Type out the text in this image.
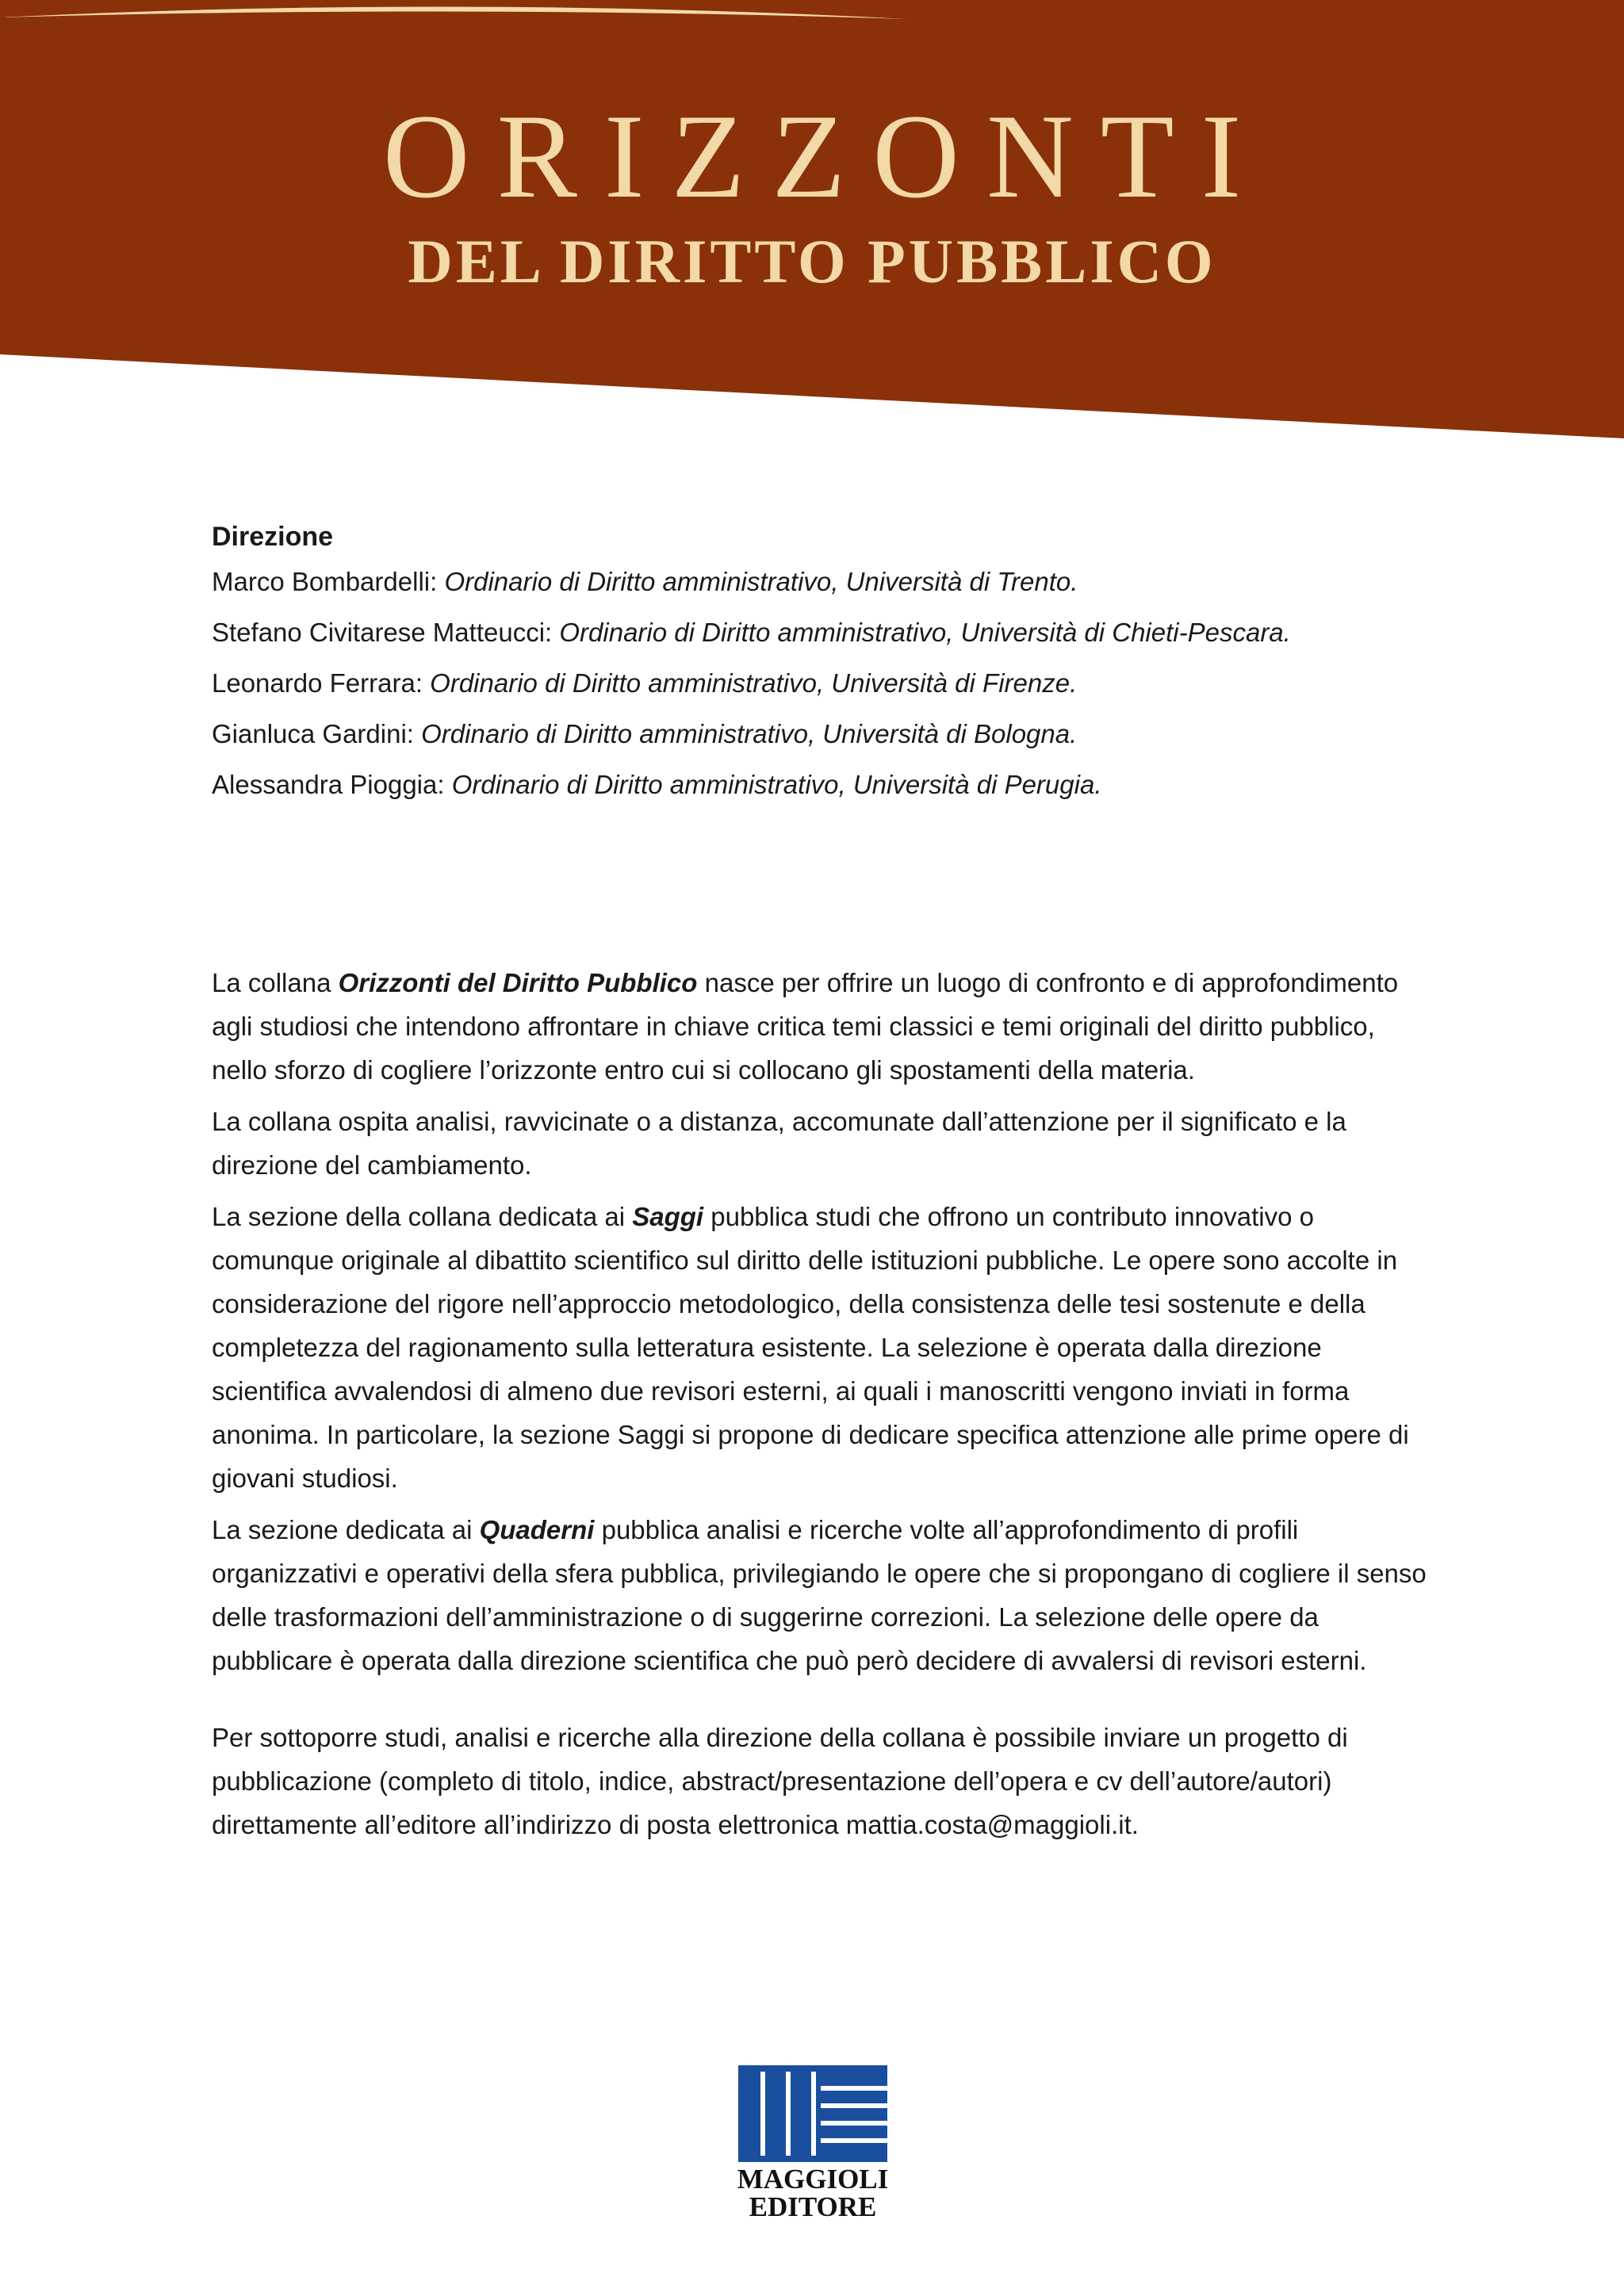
ORIZZONTI
DEL DIRITTO PUBBLICO
Direzione
Marco Bombardelli: Ordinario di Diritto amministrativo, Università di Trento.
Stefano Civitarese Matteucci: Ordinario di Diritto amministrativo, Università di Chieti-Pescara.
Leonardo Ferrara: Ordinario di Diritto amministrativo, Università di Firenze.
Gianluca Gardini: Ordinario di Diritto amministrativo, Università di Bologna.
Alessandra Pioggia: Ordinario di Diritto amministrativo, Università di Perugia.

La collana Orizzonti del Diritto Pubblico nasce per offrire un luogo di confronto e di approfondimento agli studiosi che intendono affrontare in chiave critica temi classici e temi originali del diritto pubblico, nello sforzo di cogliere l’orizzonte entro cui si collocano gli spostamenti della materia.

La collana ospita analisi, ravvicinate o a distanza, accomunate dall’attenzione per il significato e la direzione del cambiamento.

La sezione della collana dedicata ai Saggi pubblica studi che offrono un contributo innovativo o comunque originale al dibattito scientifico sul diritto delle istituzioni pubbliche. Le opere sono accolte in considerazione del rigore nell’approccio metodologico, della consistenza delle tesi sostenute e della completezza del ragionamento sulla letteratura esistente. La selezione è operata dalla direzione scientifica avvalendosi di almeno due revisori esterni, ai quali i manoscritti vengono inviati in forma anonima. In particolare, la sezione Saggi si propone di dedicare specifica attenzione alle prime opere di giovani studiosi.

La sezione dedicata ai Quaderni pubblica analisi e ricerche volte all’approfondimento di profili organizzativi e operativi della sfera pubblica, privilegiando le opere che si propongano di cogliere il senso delle trasformazioni dell’amministrazione o di suggerirne correzioni. La selezione delle opere da pubblicare è operata dalla direzione scientifica che può però decidere di avvalersi di revisori esterni.

Per sottoporre studi, analisi e ricerche alla direzione della collana è possibile inviare un progetto di pubblicazione (completo di titolo, indice, abstract/presentazione dell’opera e cv dell’autore/autori) direttamente all’editore all’indirizzo di posta elettronica mattia.costa@maggioli.it.

MAGGIOLI
EDITORE
